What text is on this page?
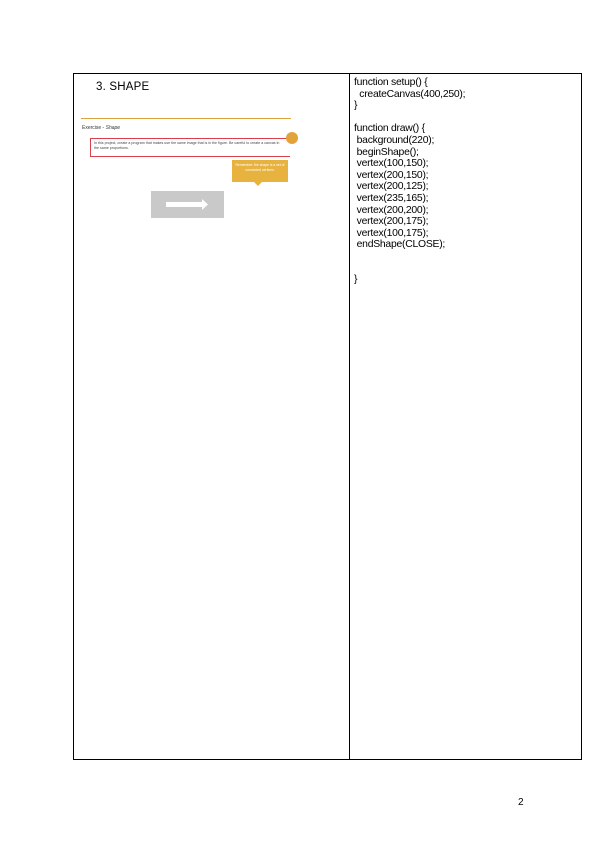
3. SHAPE
Exercise - Shape
In this project, create a program that makes use the same image that is in the figure. Be careful to create a canvas in the same proportions.
Remember: the shape is a set of connected vertices.
function setup() {
createCanvas(400,250);
}
function draw() {
background(220);
beginShape();
vertex(100,150);
vertex(200,150);
vertex(200,125);
vertex(235,165);
vertex(200,200);
vertex(200,175);
vertex(100,175);
endShape(CLOSE);
}
2
